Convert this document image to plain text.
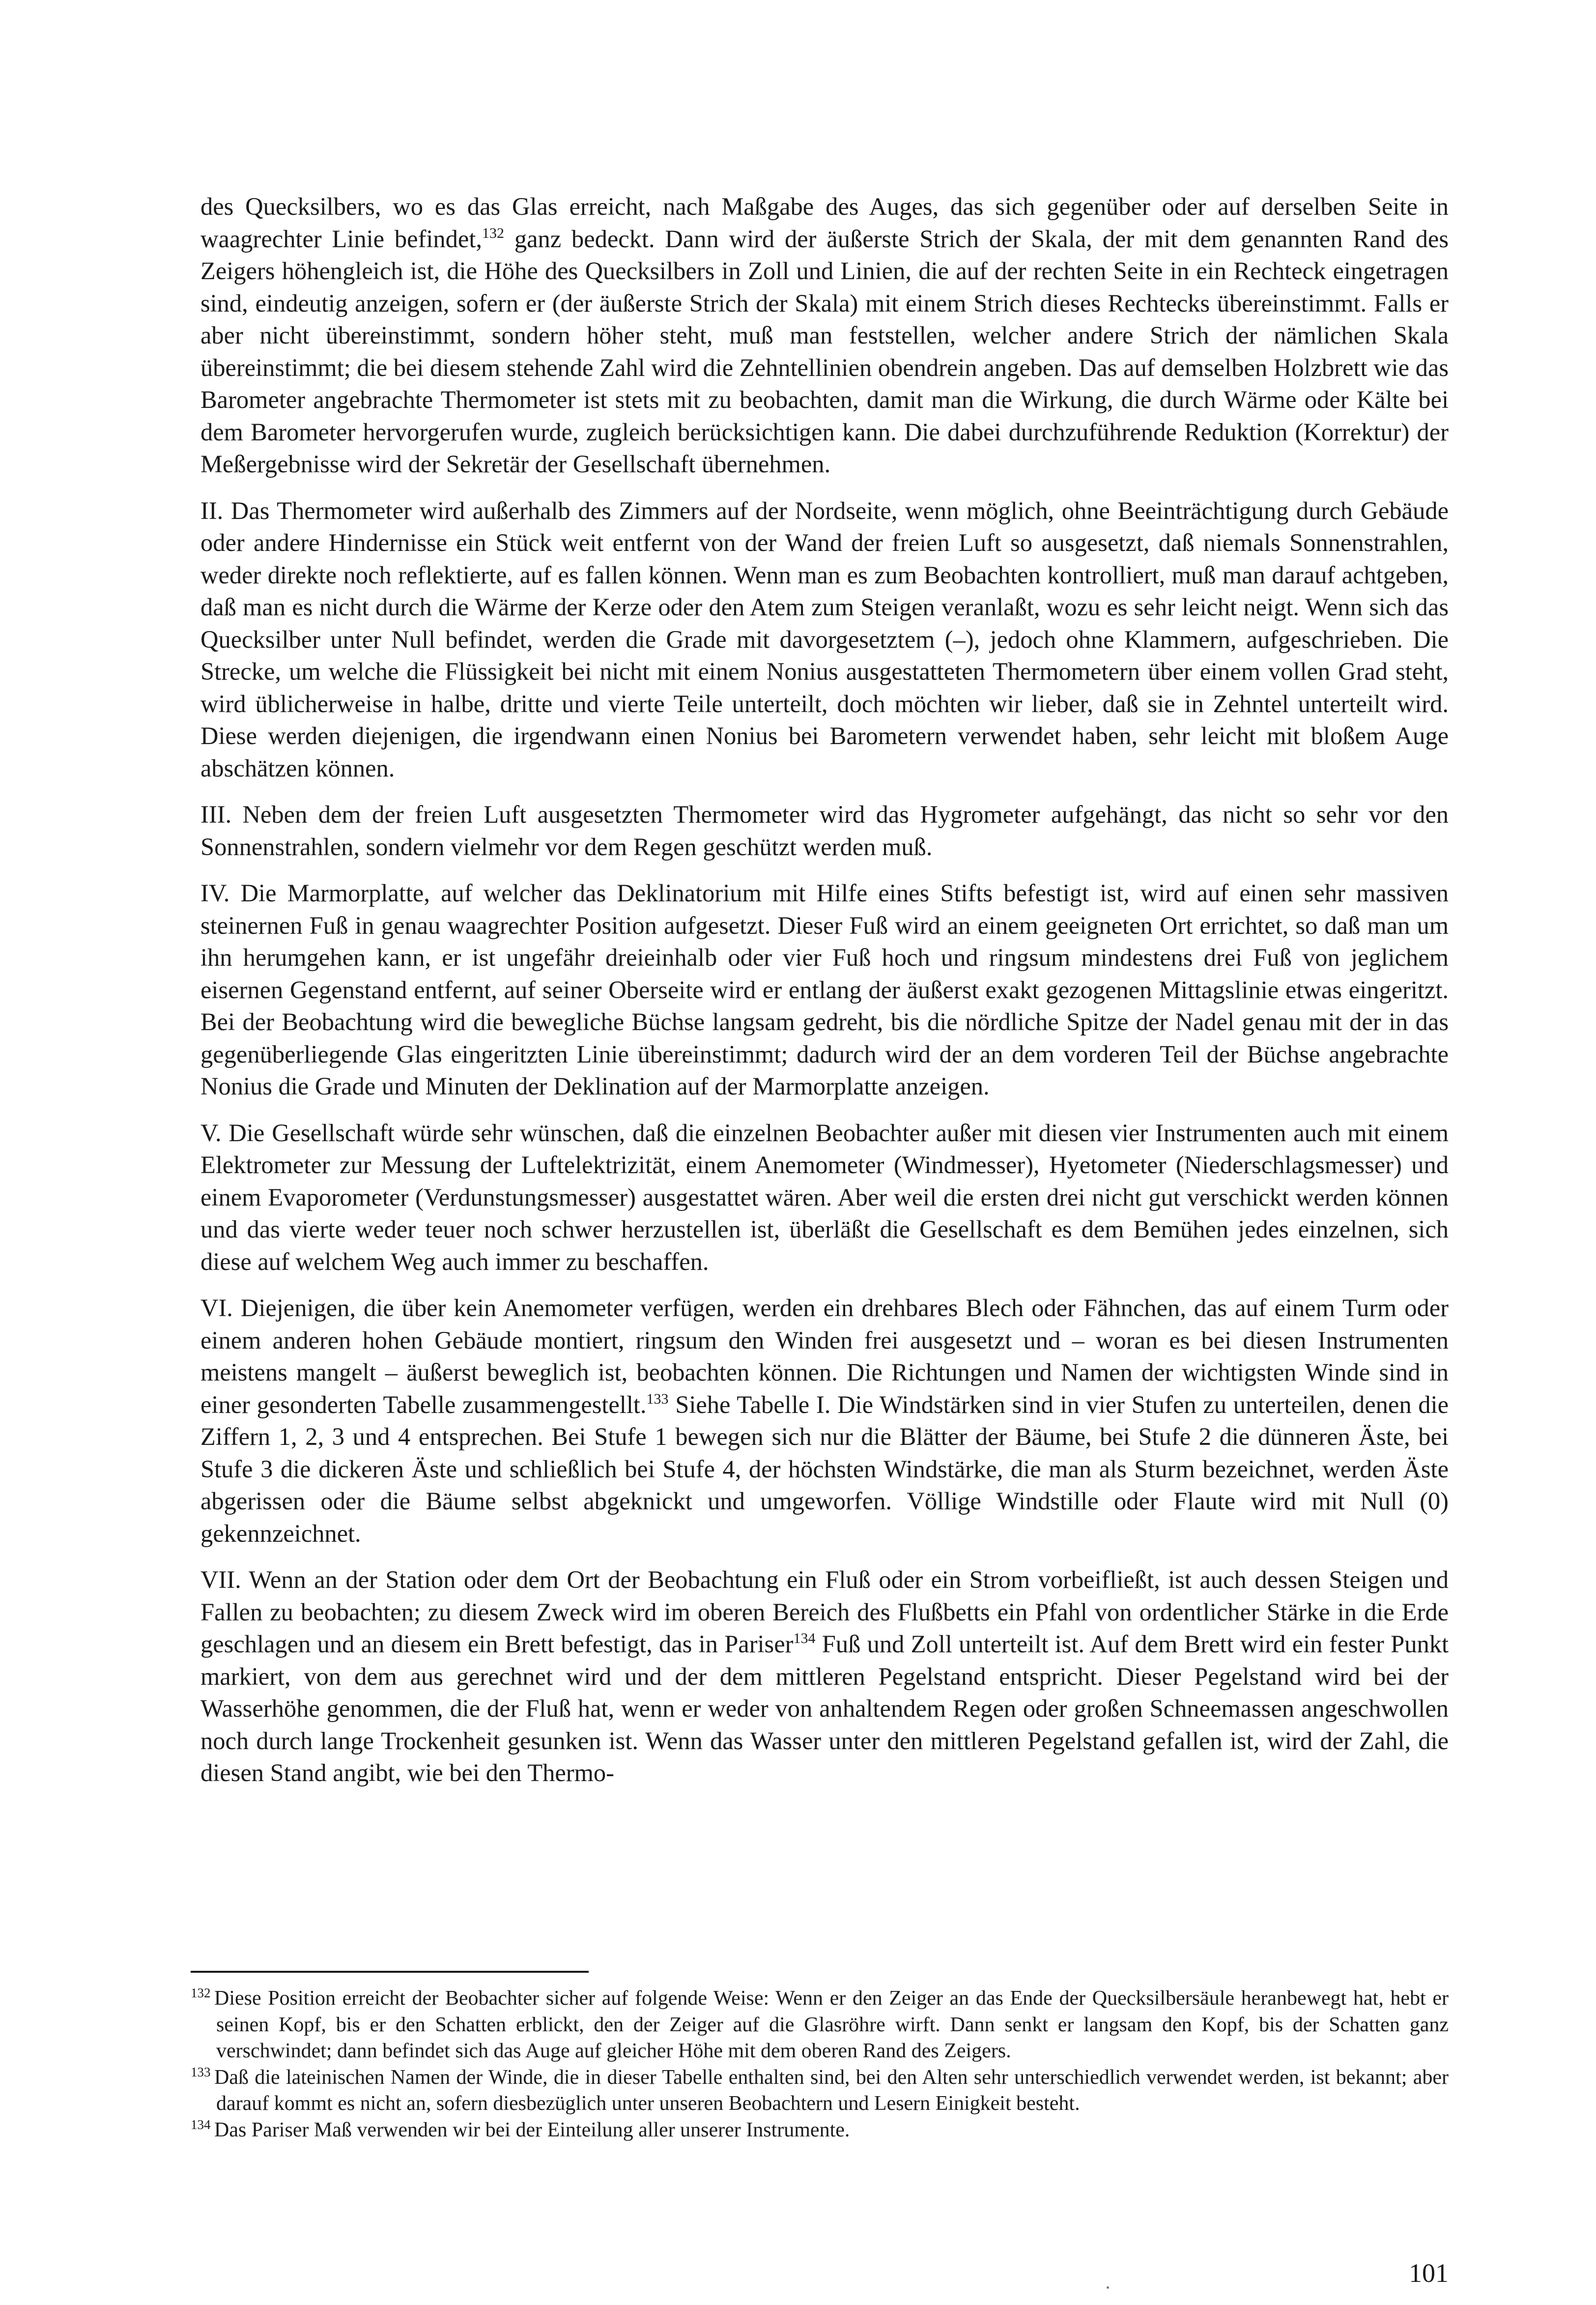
des Quecksilbers, wo es das Glas erreicht, nach Maßgabe des Auges, das sich gegenüber oder auf derselben Seite in waagrechter Linie befindet,$^{132}$ ganz bedeckt. Dann wird der äußerste Strich der Skala, der mit dem genannten Rand des Zeigers höhengleich ist, die Höhe des Quecksilbers in Zoll und Linien, die auf der rechten Seite in ein Rechteck eingetragen sind, eindeutig anzeigen, sofern er (der äußerste Strich der Skala) mit einem Strich dieses Rechtecks übereinstimmt. Falls er aber nicht übereinstimmt, sondern höher steht, muß man feststellen, welcher andere Strich der nämlichen Skala übereinstimmt; die bei diesem stehende Zahl wird die Zehntellinien obendrein angeben. Das auf demselben Holzbrett wie das Barometer angebrachte Thermometer ist stets mit zu beobachten, damit man die Wirkung, die durch Wärme oder Kälte bei dem Barometer hervorgerufen wurde, zugleich berücksichtigen kann. Die dabei durchzuführende Reduktion (Korrektur) der Meßergebnisse wird der Sekretär der Gesellschaft übernehmen.

II. Das Thermometer wird außerhalb des Zimmers auf der Nordseite, wenn möglich, ohne Beeinträchtigung durch Gebäude oder andere Hindernisse ein Stück weit entfernt von der Wand der freien Luft so ausgesetzt, daß niemals Sonnenstrahlen, weder direkte noch reflektierte, auf es fallen können. Wenn man es zum Beobachten kontrolliert, muß man darauf achtgeben, daß man es nicht durch die Wärme der Kerze oder den Atem zum Steigen veranlaßt, wozu es sehr leicht neigt. Wenn sich das Quecksilber unter Null befindet, werden die Grade mit davorgesetztem (–), jedoch ohne Klammern, aufgeschrieben. Die Strecke, um welche die Flüssigkeit bei nicht mit einem Nonius ausgestatteten Thermometern über einem vollen Grad steht, wird üblicherweise in halbe, dritte und vierte Teile unterteilt, doch möchten wir lieber, daß sie in Zehntel unterteilt wird. Diese werden diejenigen, die irgendwann einen Nonius bei Barometern verwendet haben, sehr leicht mit bloßem Auge abschätzen können.

III. Neben dem der freien Luft ausgesetzten Thermometer wird das Hygrometer aufgehängt, das nicht so sehr vor den Sonnenstrahlen, sondern vielmehr vor dem Regen geschützt werden muß.

IV. Die Marmorplatte, auf welcher das Deklinatorium mit Hilfe eines Stifts befestigt ist, wird auf einen sehr massiven steinernen Fuß in genau waagrechter Position aufgesetzt. Dieser Fuß wird an einem geeigneten Ort errichtet, so daß man um ihn herumgehen kann, er ist ungefähr dreieinhalb oder vier Fuß hoch und ringsum mindestens drei Fuß von jeglichem eisernen Gegenstand entfernt, auf seiner Oberseite wird er entlang der äußerst exakt gezogenen Mittagslinie etwas eingeritzt. Bei der Beobachtung wird die bewegliche Büchse langsam gedreht, bis die nördliche Spitze der Nadel genau mit der in das gegenüberliegende Glas eingeritzten Linie übereinstimmt; dadurch wird der an dem vorderen Teil der Büchse angebrachte Nonius die Grade und Minuten der Deklination auf der Marmorplatte anzeigen.

V. Die Gesellschaft würde sehr wünschen, daß die einzelnen Beobachter außer mit diesen vier Instrumenten auch mit einem Elektrometer zur Messung der Luftelektrizität, einem Anemometer (Windmesser), Hyetometer (Niederschlagsmesser) und einem Evaporometer (Verdunstungsmesser) ausgestattet wären. Aber weil die ersten drei nicht gut verschickt werden können und das vierte weder teuer noch schwer herzustellen ist, überläßt die Gesellschaft es dem Bemühen jedes einzelnen, sich diese auf welchem Weg auch immer zu beschaffen.

VI. Diejenigen, die über kein Anemometer verfügen, werden ein drehbares Blech oder Fähnchen, das auf einem Turm oder einem anderen hohen Gebäude montiert, ringsum den Winden frei ausgesetzt und – woran es bei diesen Instrumenten meistens mangelt – äußerst beweglich ist, beobachten können. Die Richtungen und Namen der wichtigsten Winde sind in einer gesonderten Tabelle zusammengestellt.$^{133}$ Siehe Tabelle I. Die Windstärken sind in vier Stufen zu unterteilen, denen die Ziffern 1, 2, 3 und 4 entsprechen. Bei Stufe 1 bewegen sich nur die Blätter der Bäume, bei Stufe 2 die dünneren Äste, bei Stufe 3 die dickeren Äste und schließlich bei Stufe 4, der höchsten Windstärke, die man als Sturm bezeichnet, werden Äste abgerissen oder die Bäume selbst abgeknickt und umgeworfen. Völlige Windstille oder Flaute wird mit Null (0) gekennzeichnet.

VII. Wenn an der Station oder dem Ort der Beobachtung ein Fluß oder ein Strom vorbeifließt, ist auch dessen Steigen und Fallen zu beobachten; zu diesem Zweck wird im oberen Bereich des Flußbetts ein Pfahl von ordentlicher Stärke in die Erde geschlagen und an diesem ein Brett befestigt, das in Pariser$^{134}$ Fuß und Zoll unterteilt ist. Auf dem Brett wird ein fester Punkt markiert, von dem aus gerechnet wird und der dem mittleren Pegelstand entspricht. Dieser Pegelstand wird bei der Wasserhöhe genommen, die der Fluß hat, wenn er weder von anhaltendem Regen oder großen Schneemassen angeschwollen noch durch lange Trockenheit gesunken ist. Wenn das Wasser unter den mittleren Pegelstand gefallen ist, wird der Zahl, die diesen Stand angibt, wie bei den Thermo-

132 Diese Position erreicht der Beobachter sicher auf folgende Weise: Wenn er den Zeiger an das Ende der Quecksilbersäule heranbewegt hat, hebt er seinen Kopf, bis er den Schatten erblickt, den der Zeiger auf die Glasröhre wirft. Dann senkt er langsam den Kopf, bis der Schatten ganz verschwindet; dann befindet sich das Auge auf gleicher Höhe mit dem oberen Rand des Zeigers.

133 Daß die lateinischen Namen der Winde, die in dieser Tabelle enthalten sind, bei den Alten sehr unterschiedlich verwendet werden, ist bekannt; aber darauf kommt es nicht an, sofern diesbezüglich unter unseren Beobachtern und Lesern Einigkeit besteht.

134 Das Pariser Maß verwenden wir bei der Einteilung aller unserer Instrumente.

101
